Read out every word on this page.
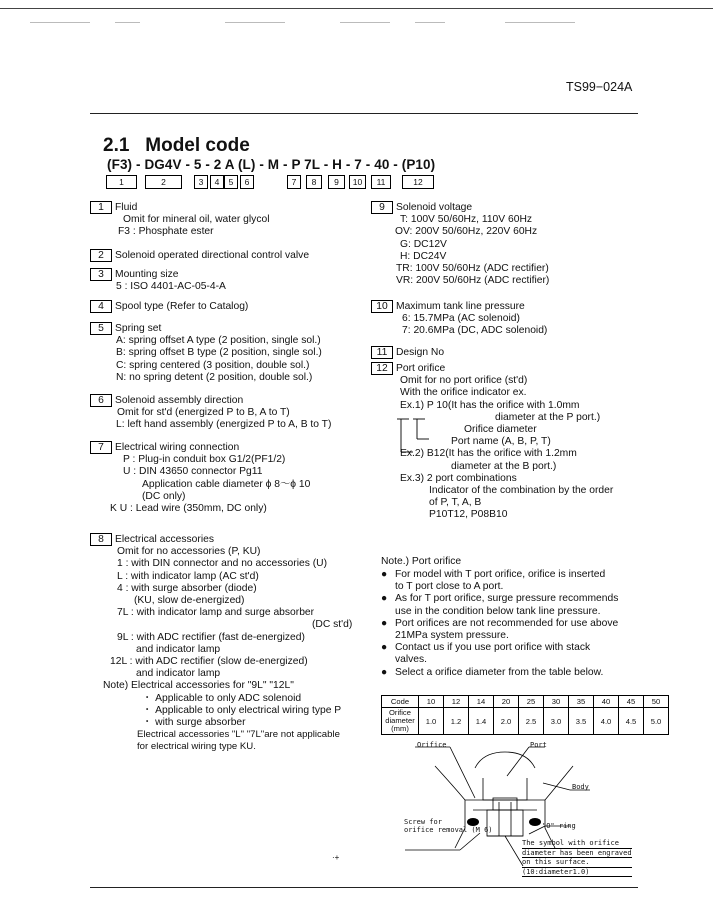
TS99−024A
2.1 Model code
(F3) - DG4V - 5 - 2 A (L) - M - P 7L - H - 7 - 40 - (P10)
1	2	3	4	5	6	7	8	9	10	11	12
1 Fluid
Omit for mineral oil, water glycol
F3 : Phosphate ester
2 Solenoid operated directional control valve
3 Mounting size
5 : ISO 4401-AC-05-4-A
4 Spool type (Refer to Catalog)
5 Spring set
A: spring offset A type (2 position, single sol.)
B: spring offset B type (2 position, single sol.)
C: spring centered (3 position, double sol.)
N: no spring detent (2 position, double sol.)
6 Solenoid assembly direction
Omit for st'd (energized P to B, A to T)
L: left hand assembly (energized P to A, B to T)
7 Electrical wiring connection
P : Plug-in conduit box G1/2(PF1/2)
U : DIN 43650 connector Pg11
Application cable diameter ϕ 8〜ϕ 10
(DC only)
K U : Lead wire (350mm, DC only)
8 Electrical accessories
Omit for no accessories (P, KU)
1 : with DIN connector and no accessories (U)
L : with indicator lamp (AC st'd)
4 : with surge absorber (diode)
(KU, slow de-energized)
7L : with indicator lamp and surge absorber
(DC st'd)
9L : with ADC rectifier (fast de-energized)
and indicator lamp
12L : with ADC rectifier (slow de-energized)
and indicator lamp
Note) Electrical accessories for "9L" "12L"
・ Applicable to only ADC solenoid
・ Applicable to only electrical wiring type P
・ with surge absorber
Electrical accessories "L" "7L"are not applicable
for electrical wiring type KU.
9 Solenoid voltage
T: 100V 50/60Hz, 110V 60Hz
OV: 200V 50/60Hz, 220V 60Hz
G: DC12V
H: DC24V
TR: 100V 50/60Hz (ADC rectifier)
VR: 200V 50/60Hz (ADC rectifier)
10 Maximum tank line pressure
6: 15.7MPa (AC solenoid)
7: 20.6MPa (DC, ADC solenoid)
11 Design No
12 Port orifice
Omit for no port orifice (st'd)
With the orifice indicator ex.
Ex.1) P 10(It has the orifice with 1.0mm
diameter at the P port.)
Orifice diameter
Port name (A, B, P, T)
Ex.2) B12(It has the orifice with 1.2mm
diameter at the B port.)
Ex.3) 2 port combinations
Indicator of the combination by the order
of P, T, A, B
P10T12, P08B10
Note.) Port orifice
● For model with T port orifice, orifice is inserted
to T port close to A port.
● As for T port orifice, surge pressure recommends
use in the condition below tank line pressure.
● Port orifices are not recommended for use above
21MPa system pressure.
● Contact us if you use port orifice with stack
valves.
● Select a orifice diameter from the table below.
Code	10	12	14	20	25	30	35	40	45	50

Orifice
diameter
(mm)	1.0	1.2	1.4	2.0	2.5	3.0	3.5	4.0	4.5	5.0
Orifice	Port
Body
Screw for
orifice removal (M 6)	"O" ring
The symbol with orifice
diameter has been engraved
on this surface.
(10:diameter1.0)
·+
